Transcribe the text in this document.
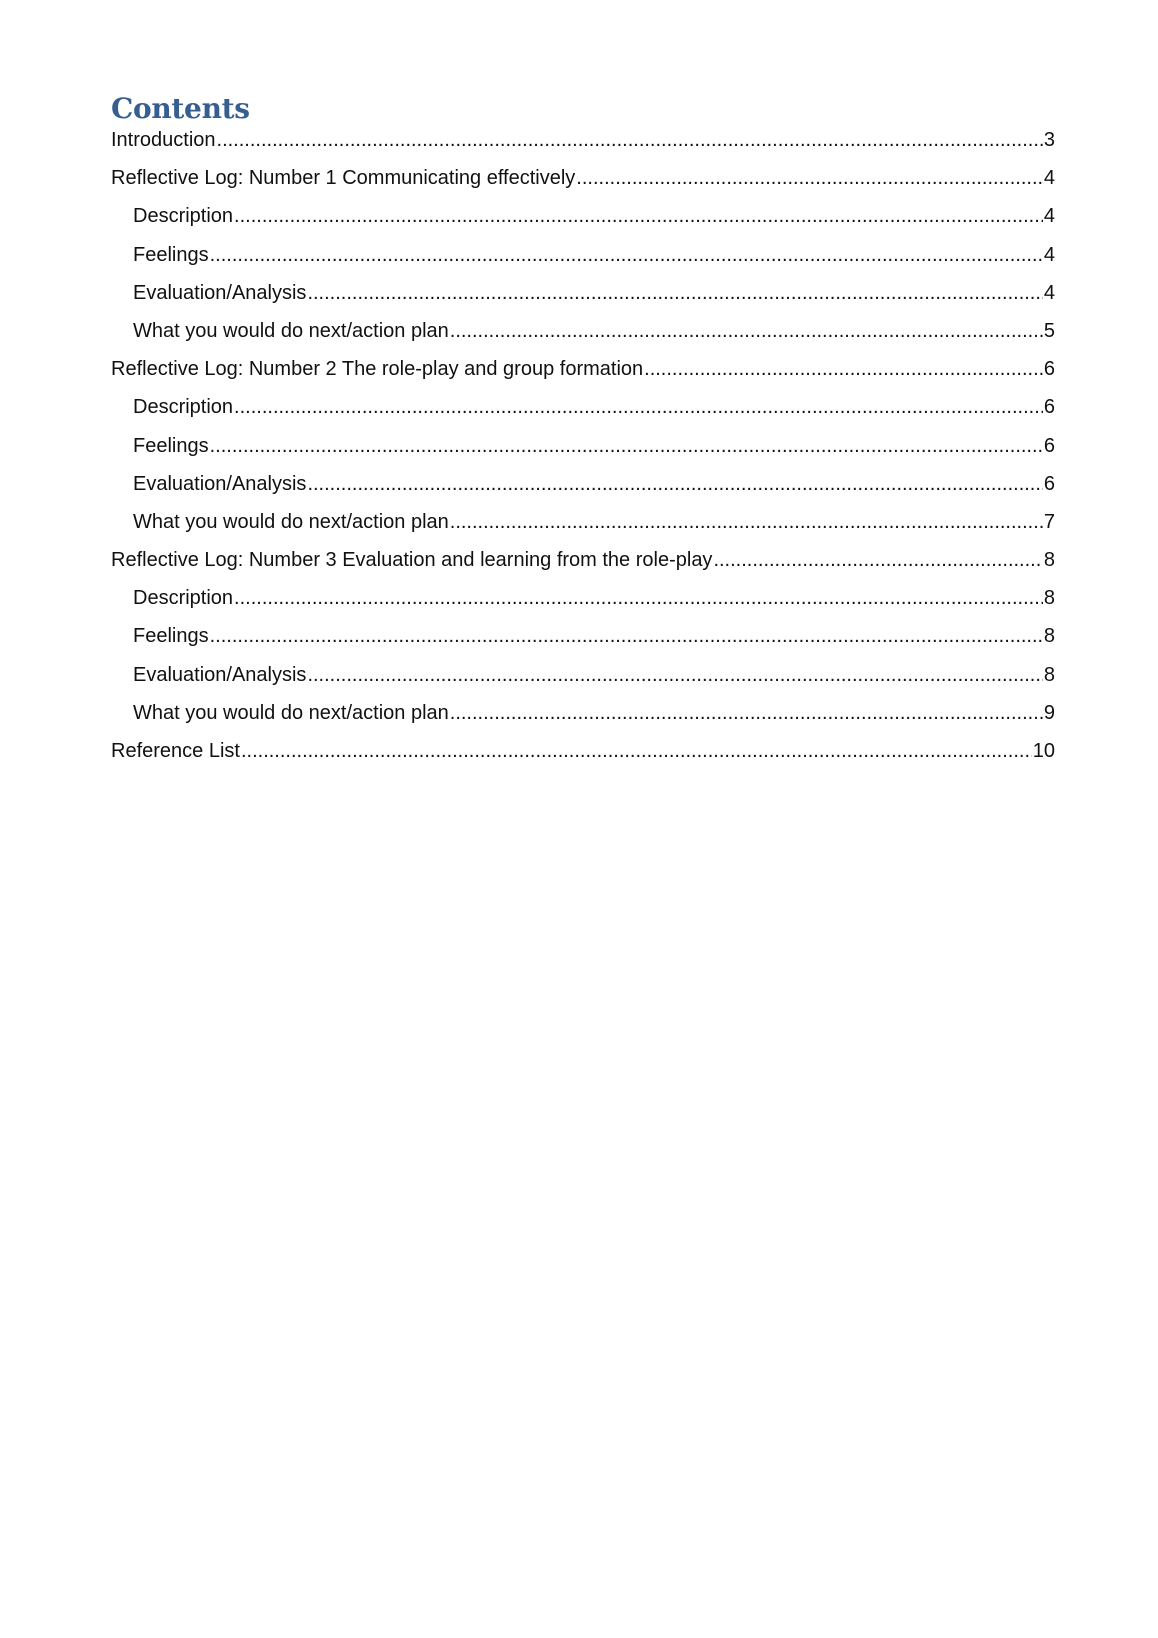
Contents
Introduction .....	3
Reflective Log: Number 1 Communicating effectively .....	4
Description .....	4
Feelings .....	4
Evaluation/Analysis .....	4
What you would do next/action plan .....	5
Reflective Log: Number 2 The role-play and group formation .....	6
Description .....	6
Feelings .....	6
Evaluation/Analysis .....	6
What you would do next/action plan .....	7
Reflective Log: Number 3 Evaluation and learning from the role-play .....	8
Description .....	8
Feelings .....	8
Evaluation/Analysis .....	8
What you would do next/action plan .....	9
Reference List .....	10
